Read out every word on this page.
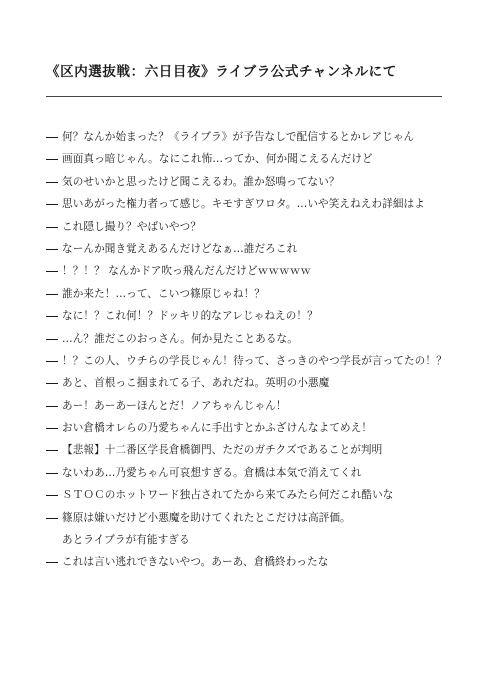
《区内選抜戦：六日目夜》ライブラ公式チャンネルにて
何？なんか始まった？《ライブラ》が予告なしで配信するとかレアじゃん
画面真っ暗じゃん。なにこれ怖…ってか、何か聞こえるんだけど
気のせいかと思ったけど聞こえるわ。誰か怒鳴ってない？
思いあがった権力者って感じ。キモすぎワロタ。…いや笑えねえわ詳細はよ
これ隠し撮り？やばいやつ？
なーんか聞き覚えあるんだけどなぁ…誰だろこれ
！？！？ なんかドア吹っ飛んだんだけどｗｗｗｗｗ
誰か来た！…って、こいつ篠原じゃね！？
なに！？これ何！？ドッキリ的なアレじゃねえの！？
…ん？誰だこのおっさん。何か見たことあるな。
！？この人、ウチらの学長じゃん！待って、さっきのやつ学長が言ってたの！？
あと、首根っこ掴まれてる子、あれだね。英明の小悪魔
あー！あーあーほんとだ！ノアちゃんじゃん！
おい倉橋オレらの乃愛ちゃんに手出すとかふざけんなよてめえ！
【悲報】十二番区学長倉橋御門、ただのガチクズであることが判明
ないわあ…乃愛ちゃん可哀想すぎる。倉橋は本気で消えてくれ
ＳＴＯＣのホットワード独占されてたから来てみたら何だこれ酷いな
篠原は嫌いだけど小悪魔を助けてくれたとこだけは高評価。
あとライブラが有能すぎる
これは言い逃れできないやつ。あーあ、倉橋終わったな
